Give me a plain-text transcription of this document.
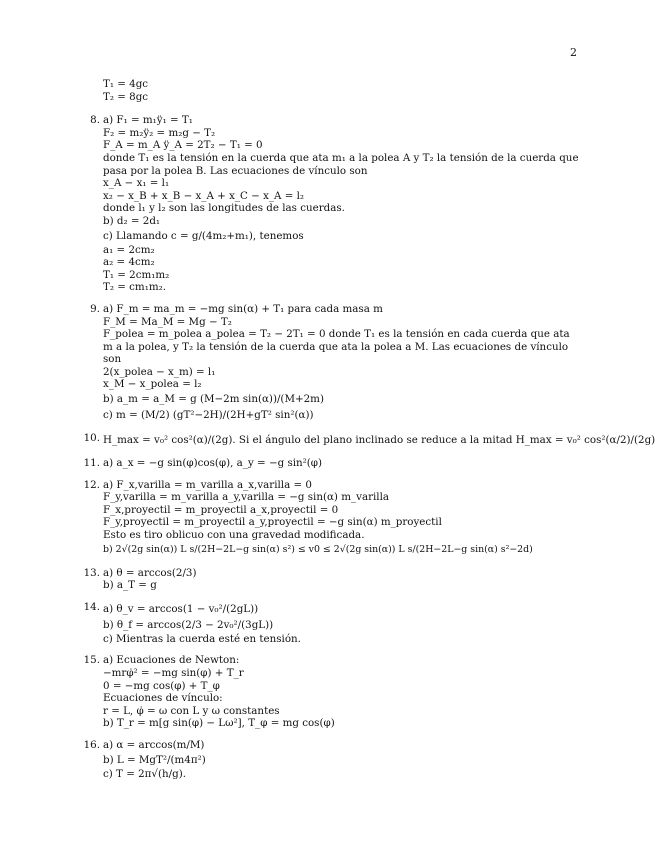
2
T₁ = 4gc
T₂ = 8gc
8. a) F₁ = m₁ÿ₁ = T₁
F₂ = m₂ÿ₂ = m₂g − T₂
F_A = m_A ÿ_A = 2T₂ − T₁ = 0
donde T₁ es la tensión en la cuerda que ata m₁ a la polea A y T₂ la tensión de la cuerda que pasa por la polea B. Las ecuaciones de vínculo son
x_A − x₁ = l₁
x₂ − x_B + x_B − x_A + x_C − x_A = l₂
donde l₁ y l₂ son las longitudes de las cuerdas.
b) d₂ = 2d₁
c) Llamando c = g/(4m₂+m₁), tenemos
a₁ = 2cm₂
a₂ = 4cm₂
T₁ = 2cm₁m₂
T₂ = cm₁m₂.
9. a) F_m = ma_m = −mg sin(α) + T₁ para cada masa m
F_M = Ma_M = Mg − T₂
F_polea = m_polea a_polea = T₂ − 2T₁ = 0 donde T₁ es la tensión en cada cuerda que ata m a la polea, y T₂ la tensión de la cuerda que ata la polea a M. Las ecuaciones de vínculo son
2(x_polea − x_m) = l₁
x_M − x_polea = l₂
b) a_m = a_M = g (M−2m sin(α))/(M+2m)
c) m = (M/2) (gT²−2H)/(2H+gT² sin²(α))
10. H_max = v₀² cos²(α)/(2g). Si el ángulo del plano inclinado se reduce a la mitad H_max = v₀² cos²(α/2)/(2g)
11. a) a_x = −g sin(φ)cos(φ), a_y = −g sin²(φ)
12. a) F_x,varilla = m_varilla a_x,varilla = 0
F_y,varilla = m_varilla a_y,varilla = −g sin(α) m_varilla
F_x,proyectil = m_proyectil a_x,proyectil = 0
F_y,proyectil = m_proyectil a_y,proyectil = −g sin(α) m_proyectil
Esto es tiro oblicuo con una gravedad modificada.
b) 2√(2g sin(α)) L s/(2H−2L−g sin(α) s²) ≤ v0 ≤ 2√(2g sin(α)) L s/(2H−2L−g sin(α) s²−2d)
13. a) θ = arccos(2/3)
b) a_T = g
14. a) θ_v = arccos(1 − v₀²/(2gL))
b) θ_f = arccos(2/3 − 2v₀²/(3gL))
c) Mientras la cuerda esté en tensión.
15. a) Ecuaciones de Newton:
−mrφ̇² = −mg sin(φ) + T_r
0 = −mg cos(φ) + T_φ
Ecuaciones de vínculo:
r = L, φ̇ = ω con L y ω constantes
b) T_r = m[g sin(φ) − Lω²], T_φ = mg cos(φ)
16. a) α = arccos(m/M)
b) L = MgT²/(m4π²)
c) T = 2π√(h/g).
